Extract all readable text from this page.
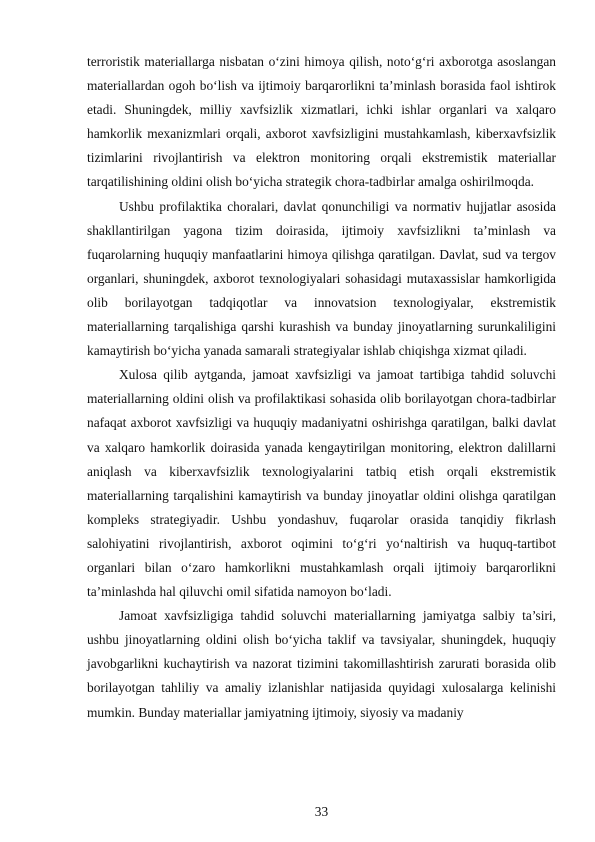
terroristik materiallarga nisbatan o‘zini himoya qilish, noto‘g‘ri axborotga asoslangan materiallardan ogoh bo‘lish va ijtimoiy barqarorlikni ta’minlash borasida faol ishtirok etadi. Shuningdek, milliy xavfsizlik xizmatlari, ichki ishlar organlari va xalqaro hamkorlik mexanizmlari orqali, axborot xavfsizligini mustahkamlash, kiberxavfsizlik tizimlarini rivojlantirish va elektron monitoring orqali ekstremistik materiallar tarqatilishining oldini olish bo‘yicha strategik chora-tadbirlar amalga oshirilmoqda.

Ushbu profilaktika choralari, davlat qonunchiligi va normativ hujjatlar asosida shakllantirilgan yagona tizim doirasida, ijtimoiy xavfsizlikni ta’minlash va fuqarolarning huquqiy manfaatlarini himoya qilishga qaratilgan. Davlat, sud va tergov organlari, shuningdek, axborot texnologiyalari sohasidagi mutaxassislar hamkorligida olib borilayotgan tadqiqotlar va innovatsion texnologiyalar, ekstremistik materiallarning tarqalishiga qarshi kurashish va bunday jinoyatlarning surunkaliligini kamaytirish bo‘yicha yanada samarali strategiyalar ishlab chiqishga xizmat qiladi.

Xulosa qilib aytganda, jamoat xavfsizligi va jamoat tartibiga tahdid soluvchi materiallarning oldini olish va profilaktikasi sohasida olib borilayotgan chora-tadbirlar nafaqat axborot xavfsizligi va huquqiy madaniyatni oshirishga qaratilgan, balki davlat va xalqaro hamkorlik doirasida yanada kengaytirilgan monitoring, elektron dalillarni aniqlash va kiberxavfsizlik texnologiyalarini tatbiq etish orqali ekstremistik materiallarning tarqalishini kamaytirish va bunday jinoyatlar oldini olishga qaratilgan kompleks strategiyadir. Ushbu yondashuv, fuqarolar orasida tanqidiy fikrlash salohiyatini rivojlantirish, axborot oqimini to‘g‘ri yo‘naltirish va huquq-tartibot organlari bilan o‘zaro hamkorlikni mustahkamlash orqali ijtimoiy barqarorlikni ta’minlashda hal qiluvchi omil sifatida namoyon bo‘ladi.

Jamoat xavfsizligiga tahdid soluvchi materiallarning jamiyatga salbiy ta’siri, ushbu jinoyatlarning oldini olish bo‘yicha taklif va tavsiyalar, shuningdek, huquqiy javobgarlikni kuchaytirish va nazorat tizimini takomillashtirish zarurati borasida olib borilayotgan tahliliy va amaliy izlanishlar natijasida quyidagi xulosalarga kelinishi mumkin. Bunday materiallar jamiyatning ijtimoiy, siyosiy va madaniy

33
